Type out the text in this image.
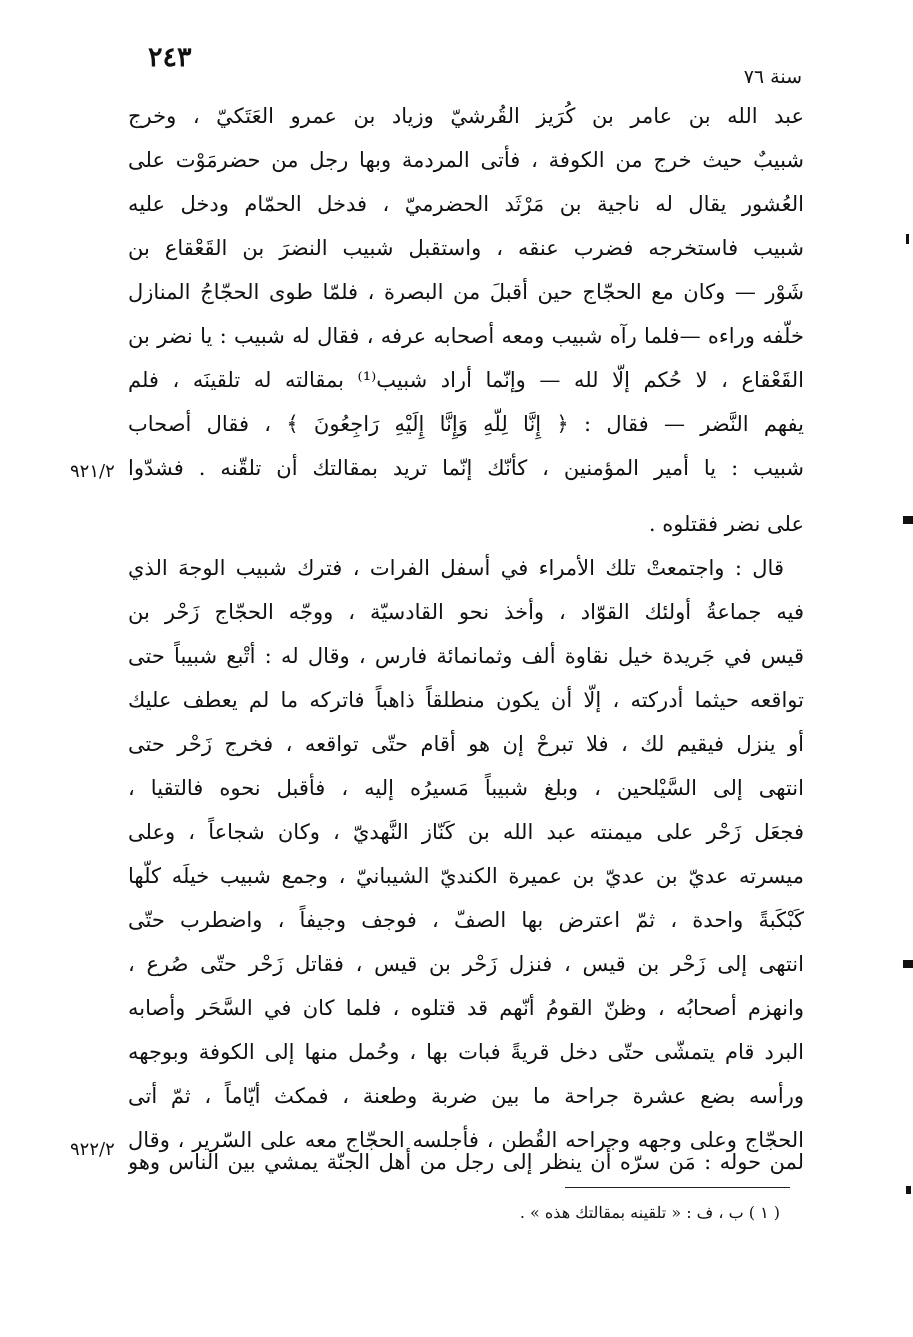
٢٤٣
سنة ٧٦
عبد الله بن عامر بن كُرَيز القُرشيّ وزياد بن عمرو العَتَكيّ ، وخرج
شبيبٌ حيث خرج من الكوفة ، فأتى المردمة وبها رجل من حضرمَوْت على
العُشور يقال له ناجية بن مَرْثَد الحضرميّ ، فدخل الحمّام ودخل عليه
شبيب فاستخرجه فضرب عنقه ، واستقبل شبيب النضرَ بن القَعْقاع بن
شَوْر — وكان مع الحجّاج حين أقبلَ من البصرة ، فلمّا طوى الحجّاجُ المنازل
خلّفه وراءه —فلما رآه شبيب ومعه أصحابه عرفه ، فقال له شبيب : يا نضر بن
القَعْقاع ، لا حُكم إلّا لله — وإنّما أراد شبيب⁽¹⁾ بمقالته له تلقينَه ، فلم
يفهم النَّضر — فقال : ﴿ إِنَّا لِلّهِ وَإِنَّا إِلَيْهِ رَاجِعُونَ ﴾ ، فقال أصحاب
شبيب : يا أمير المؤمنين ، كأنّك إنّما تريد بمقالتك أن تلقّنه . فشدّوا
على نضر فقتلوه .
قال : واجتمعتْ تلك الأمراء في أسفل الفرات ، فترك شبيب الوجهَ الذي
فيه جماعةُ أولئك القوّاد ، وأخذ نحو القادسيّة ، ووجّه الحجّاج زَحْر بن
قيس في جَريدة خيل نقاوة ألف وثمانمائة فارس ، وقال له : أتْبع شبيباً حتى
تواقعه حيثما أدركته ، إلّا أن يكون منطلقاً ذاهباً فاتركه ما لم يعطف عليك
أو ينزل فيقيم لك ، فلا تبرحْ إن هو أقام حتّى تواقعه ، فخرج زَحْر حتى
انتهى إلى السَّيْلحين ، وبلغ شبيباً مَسيرُه إليه ، فأقبل نحوه فالتقيا ،
فجعَل زَحْر على ميمنته عبد الله بن كَنّاز النَّهديّ ، وكان شجاعاً ، وعلى
ميسرته عديّ بن عديّ بن عميرة الكنديّ الشيبانيّ ، وجمع شبيب خيلَه كلّها
كَبْكَبةً واحدة ، ثمّ اعترض بها الصفّ ، فوجف وجيفاً ، واضطرب حتّى
انتهى إلى زَحْر بن قيس ، فنزل زَحْر بن قيس ، فقاتل زَحْر حتّى صُرع ،
وانهزم أصحابُه ، وظنّ القومُ أنّهم قد قتلوه ، فلما كان في السَّحَر وأصابه
البرد قام يتمشّى حتّى دخل قريةً فبات بها ، وحُمل منها إلى الكوفة وبوجهه
ورأسه بضع عشرة جراحة ما بين ضربة وطعنة ، فمكث أيّاماً ، ثمّ أتى
الحجّاج وعلى وجهه وجراحه القُطن ، فأجلسه الحجّاج معه على السّرير ، وقال
لمن حوله : مَن سرّه أن ينظر إلى رجل من أهل الجنّة يمشي بين الناس وهو
٩٢١/٢
٩٢٢/٢
( ١ ) ب ، ف : « تلقينه بمقالتك هذه » .
